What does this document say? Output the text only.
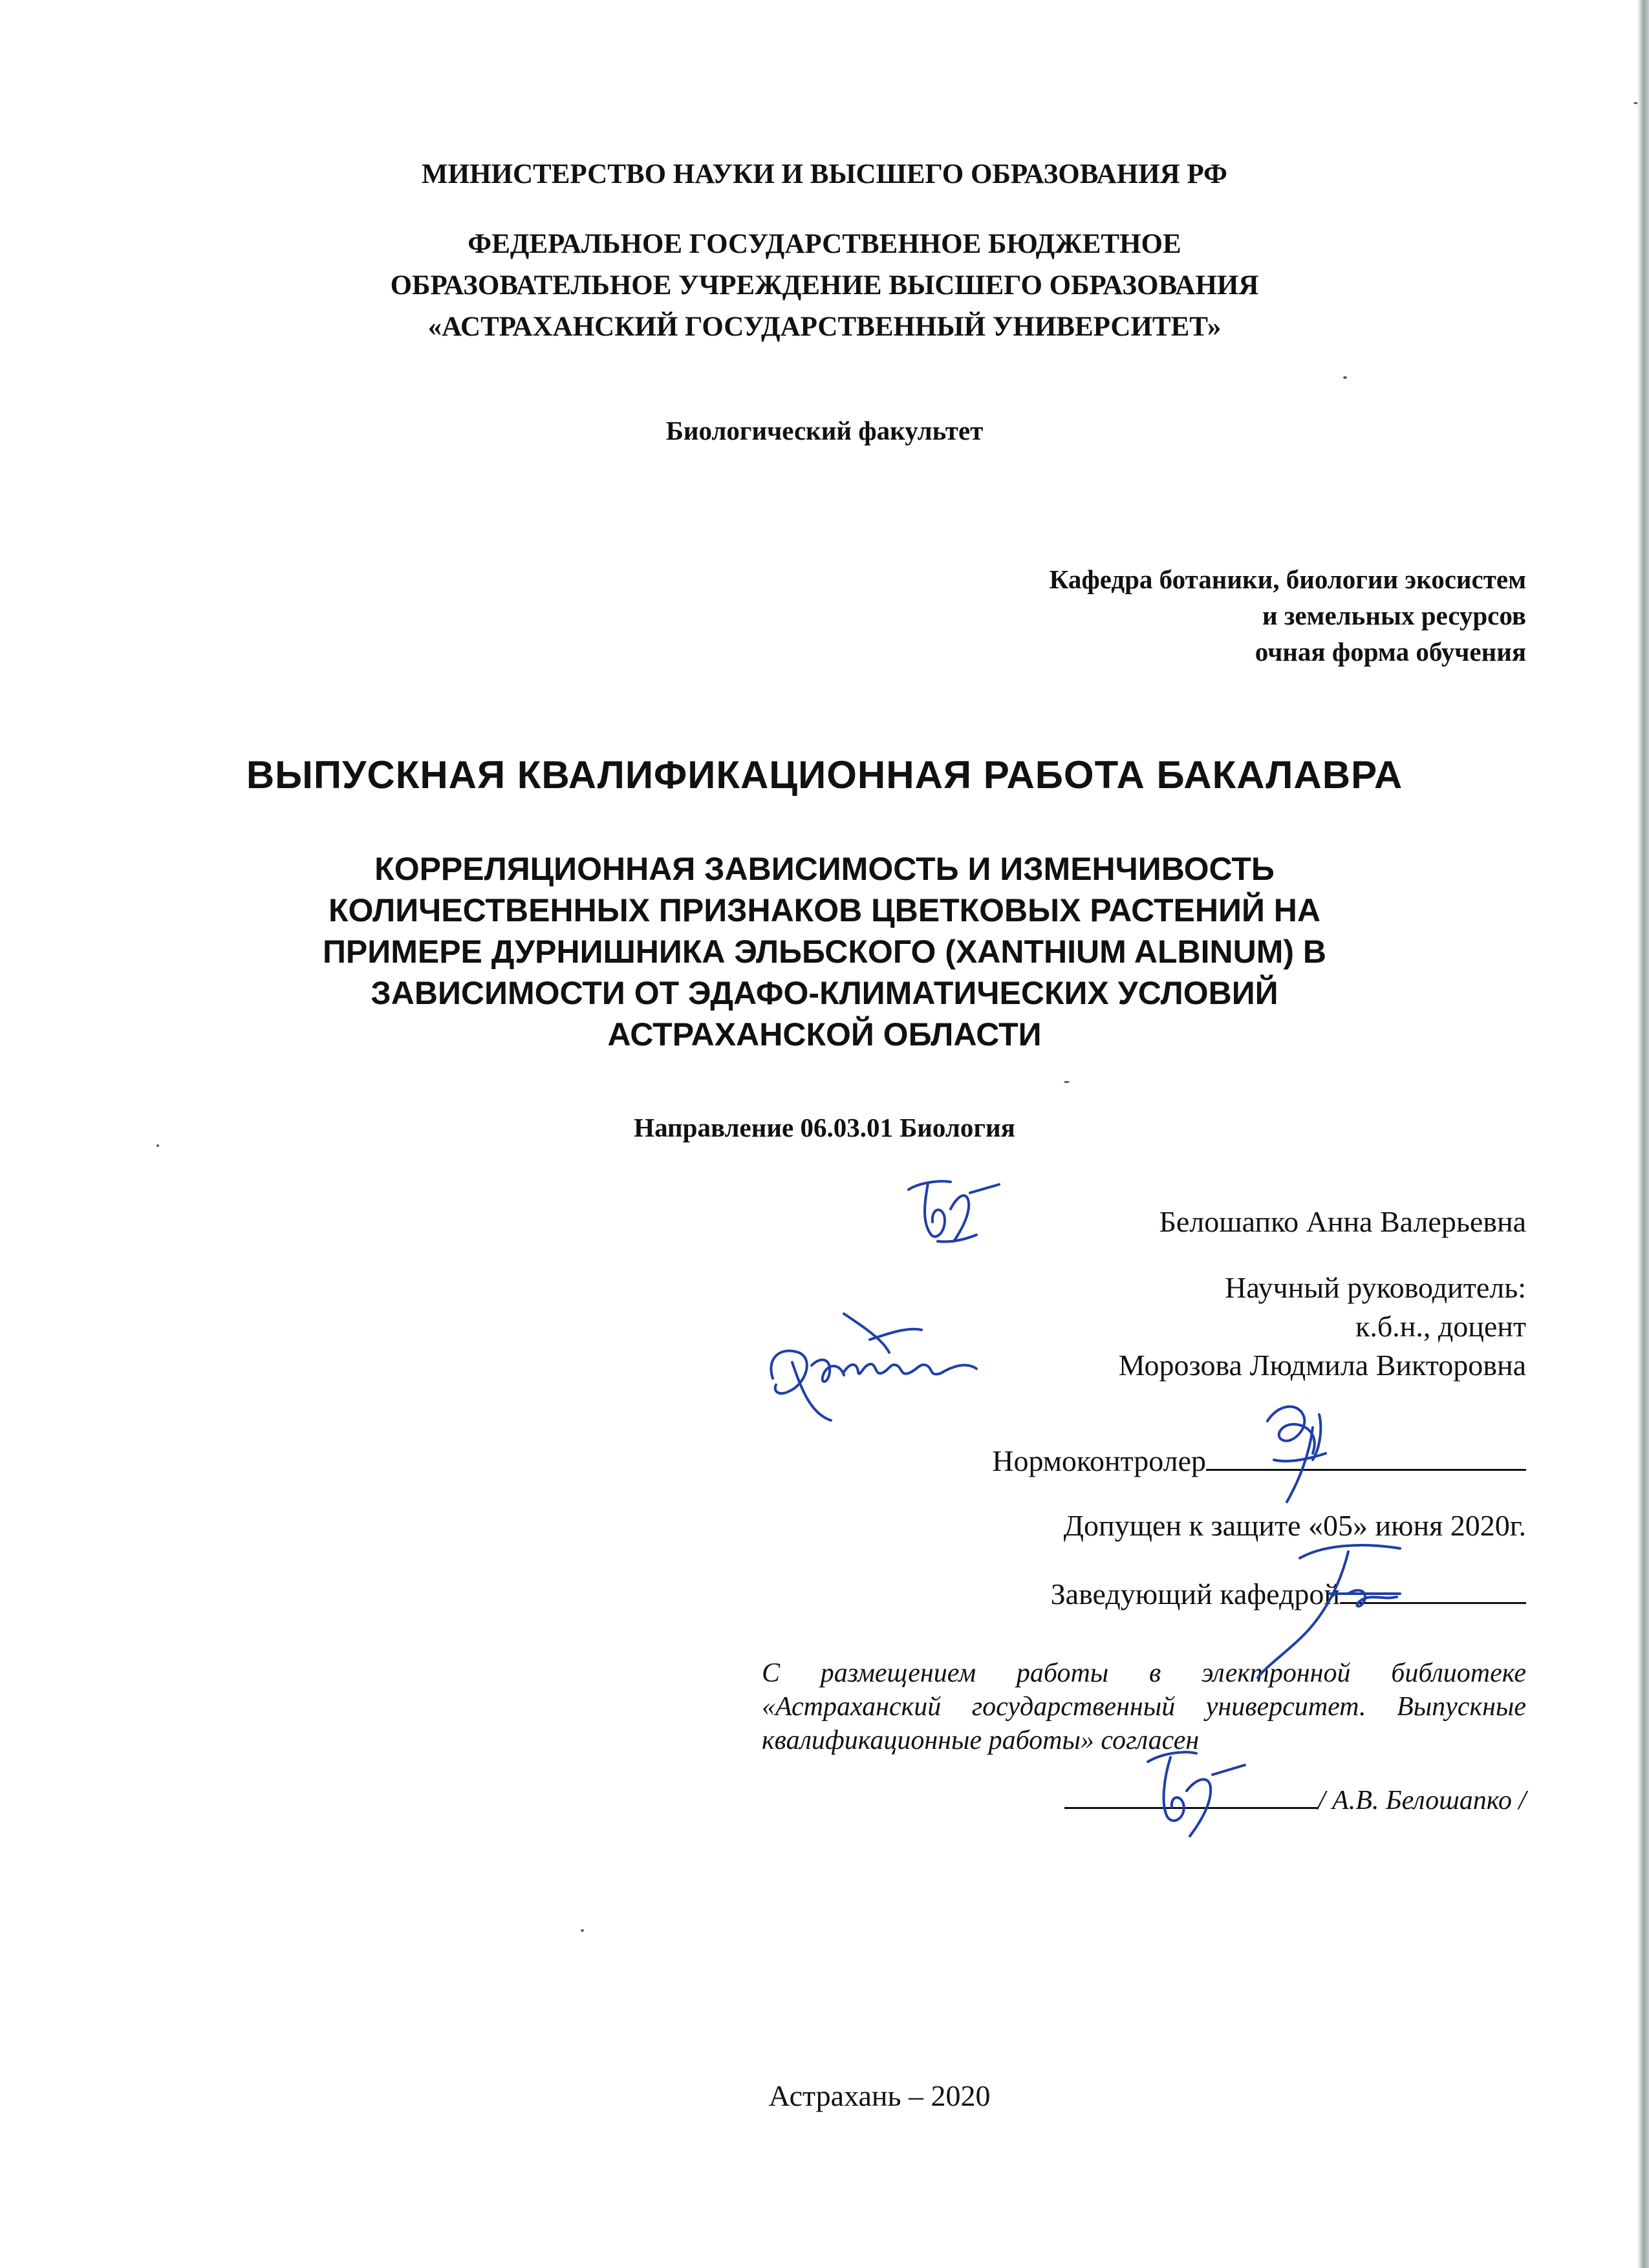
МИНИСТЕРСТВО НАУКИ И ВЫСШЕГО ОБРАЗОВАНИЯ РФ
ФЕДЕРАЛЬНОЕ ГОСУДАРСТВЕННОЕ БЮДЖЕТНОЕ
ОБРАЗОВАТЕЛЬНОЕ УЧРЕЖДЕНИЕ ВЫСШЕГО ОБРАЗОВАНИЯ
«АСТРАХАНСКИЙ ГОСУДАРСТВЕННЫЙ УНИВЕРСИТЕТ»
Биологический факультет
Кафедра ботаники, биологии экосистем
и земельных ресурсов
очная форма обучения
ВЫПУСКНАЯ КВАЛИФИКАЦИОННАЯ РАБОТА БАКАЛАВРА
КОРРЕЛЯЦИОННАЯ ЗАВИСИМОСТЬ И ИЗМЕНЧИВОСТЬ
КОЛИЧЕСТВЕННЫХ ПРИЗНАКОВ ЦВЕТКОВЫХ РАСТЕНИЙ НА
ПРИМЕРЕ ДУРНИШНИКА ЭЛЬБСКОГО (XANTHIUM ALBINUM) В
ЗАВИСИМОСТИ ОТ ЭДАФО-КЛИМАТИЧЕСКИХ УСЛОВИЙ
АСТРАХАНСКОЙ ОБЛАСТИ
Направление 06.03.01 Биология
Белошапко Анна Валерьевна
Научный руководитель:
к.б.н., доцент
Морозова Людмила Викторовна
Нормоконтролер
Допущен к защите «05» июня 2020г.
Заведующий кафедрой
С размещением работы в электронной библиотеке «Астраханский государственный университет. Выпускные квалификационные работы» согласен
/ А.В. Белошапко /
Астрахань – 2020
